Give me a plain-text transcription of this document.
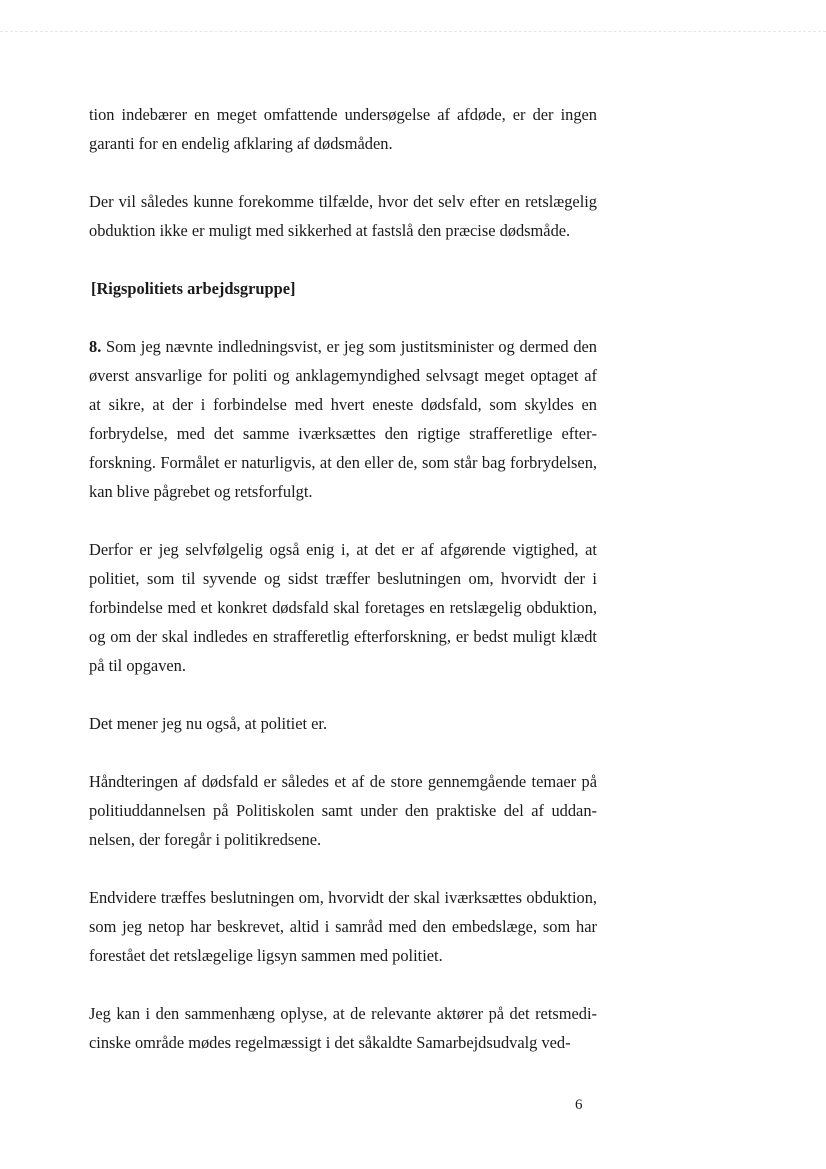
tion indebærer en meget omfattende undersøgelse af afdøde, er der ingen garanti for en endelig afklaring af dødsmåden.

Der vil således kunne forekomme tilfælde, hvor det selv efter en retslægelig obduktion ikke er muligt med sikkerhed at fastslå den præcise dødsmåde.

[Rigspolitiets arbejdsgruppe]

8. Som jeg nævnte indledningsvist, er jeg som justitsminister og dermed den øverst ansvarlige for politi og anklagemyndighed selvsagt meget optaget af at sikre, at der i forbindelse med hvert eneste dødsfald, som skyldes en forbrydelse, med det samme iværksættes den rigtige strafferetlige efterforskning. Formålet er naturligvis, at den eller de, som står bag forbrydelsen, kan blive pågrebet og retsforfulgt.

Derfor er jeg selvfølgelig også enig i, at det er af afgørende vigtighed, at politiet, som til syvende og sidst træffer beslutningen om, hvorvidt der i forbindelse med et konkret dødsfald skal foretages en retslægelig obduktion, og om der skal indledes en strafferetlig efterforskning, er bedst muligt klædt på til opgaven.

Det mener jeg nu også, at politiet er.

Håndteringen af dødsfald er således et af de store gennemgående temaer på politiuddannelsen på Politiskolen samt under den praktiske del af uddannelsen, der foregår i politikredsene.

Endvidere træffes beslutningen om, hvorvidt der skal iværksættes obduktion, som jeg netop har beskrevet, altid i samråd med den embedslæge, som har forestået det retslægelige ligsyn sammen med politiet.

Jeg kan i den sammenhæng oplyse, at de relevante aktører på det retsmedicinske område mødes regelmæssigt i det såkaldte Samarbejdsudvalg ved-

6
